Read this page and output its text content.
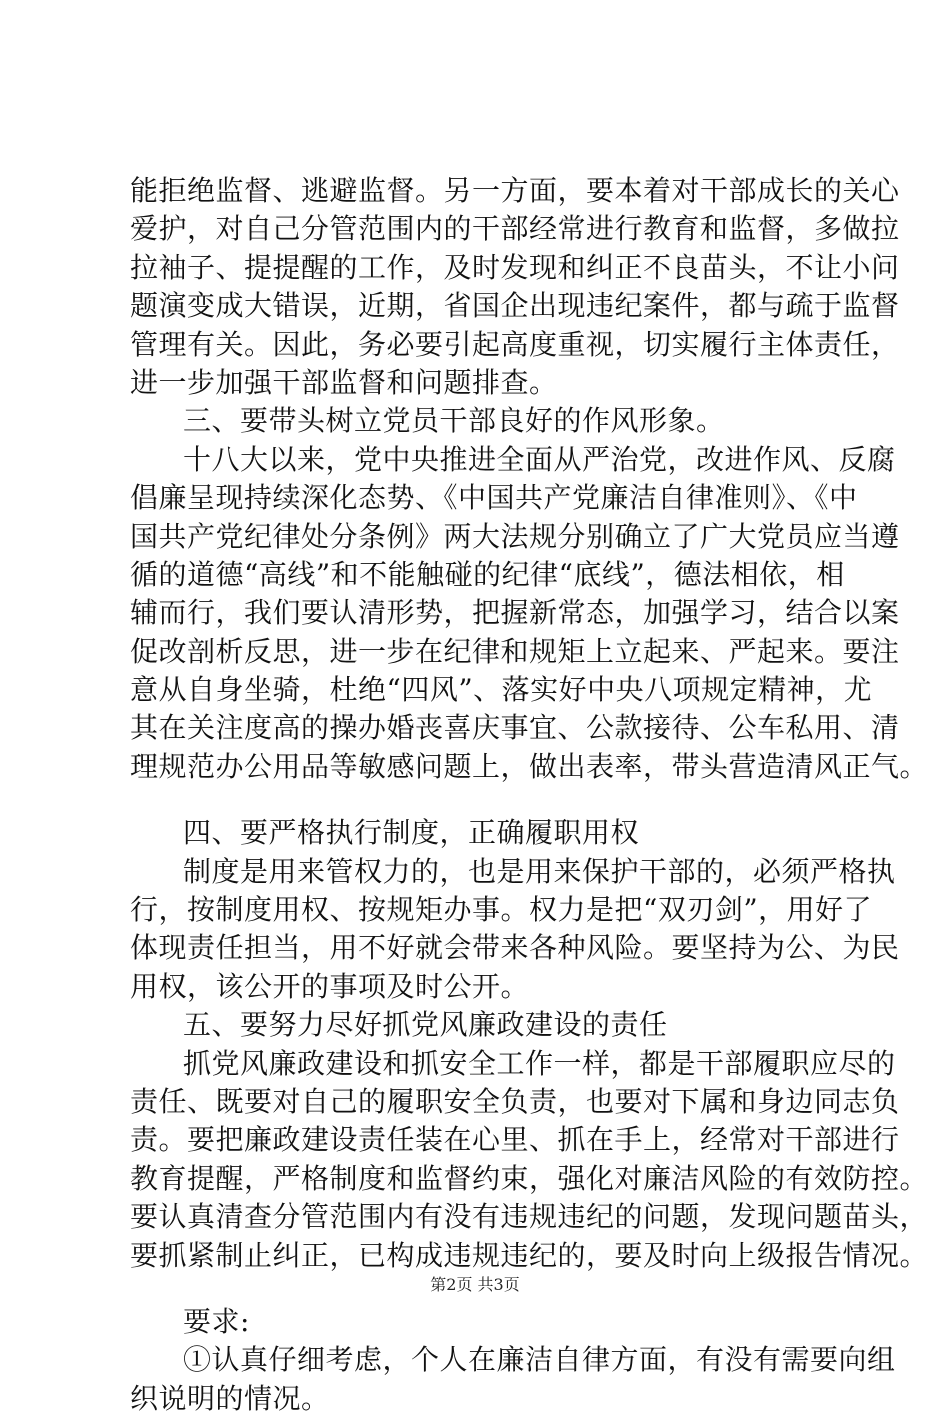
能拒绝监督、逃避监督。另一方面，要本着对干部成长的关心
爱护，对自己分管范围内的干部经常进行教育和监督，多做拉
拉袖子、提提醒的工作，及时发现和纠正不良苗头，不让小问
题演变成大错误，近期，省国企出现违纪案件，都与疏于监督
管理有关。因此，务必要引起高度重视，切实履行主体责任，
进一步加强干部监督和问题排查。
三、要带头树立党员干部良好的作风形象。
十八大以来，党中央推进全面从严治党，改进作风、反腐
倡廉呈现持续深化态势、《中国共产党廉洁自律准则》、《中
国共产党纪律处分条例》两大法规分别确立了广大党员应当遵
循的道德“高线”和不能触碰的纪律“底线”，德法相依，相
辅而行，我们要认清形势，把握新常态，加强学习，结合以案
促改剖析反思，进一步在纪律和规矩上立起来、严起来。要注
意从自身坐骑，杜绝“四风”、落实好中央八项规定精神，尤
其在关注度高的操办婚丧喜庆事宜、公款接待、公车私用、清
理规范办公用品等敏感问题上，做出表率，带头营造清风正气。
四、要严格执行制度，正确履职用权
制度是用来管权力的，也是用来保护干部的，必须严格执
行，按制度用权、按规矩办事。权力是把“双刃剑”，用好了
体现责任担当，用不好就会带来各种风险。要坚持为公、为民
用权，该公开的事项及时公开。
五、要努力尽好抓党风廉政建设的责任
抓党风廉政建设和抓安全工作一样，都是干部履职应尽的
责任、既要对自己的履职安全负责，也要对下属和身边同志负
责。要把廉政建设责任装在心里、抓在手上，经常对干部进行
教育提醒，严格制度和监督约束，强化对廉洁风险的有效防控。
要认真清查分管范围内有没有违规违纪的问题，发现问题苗头，
要抓紧制止纠正，已构成违规违纪的，要及时向上级报告情况。
要求:
①认真仔细考虑，个人在廉洁自律方面，有没有需要向组
织说明的情况。
第2页 共3页
